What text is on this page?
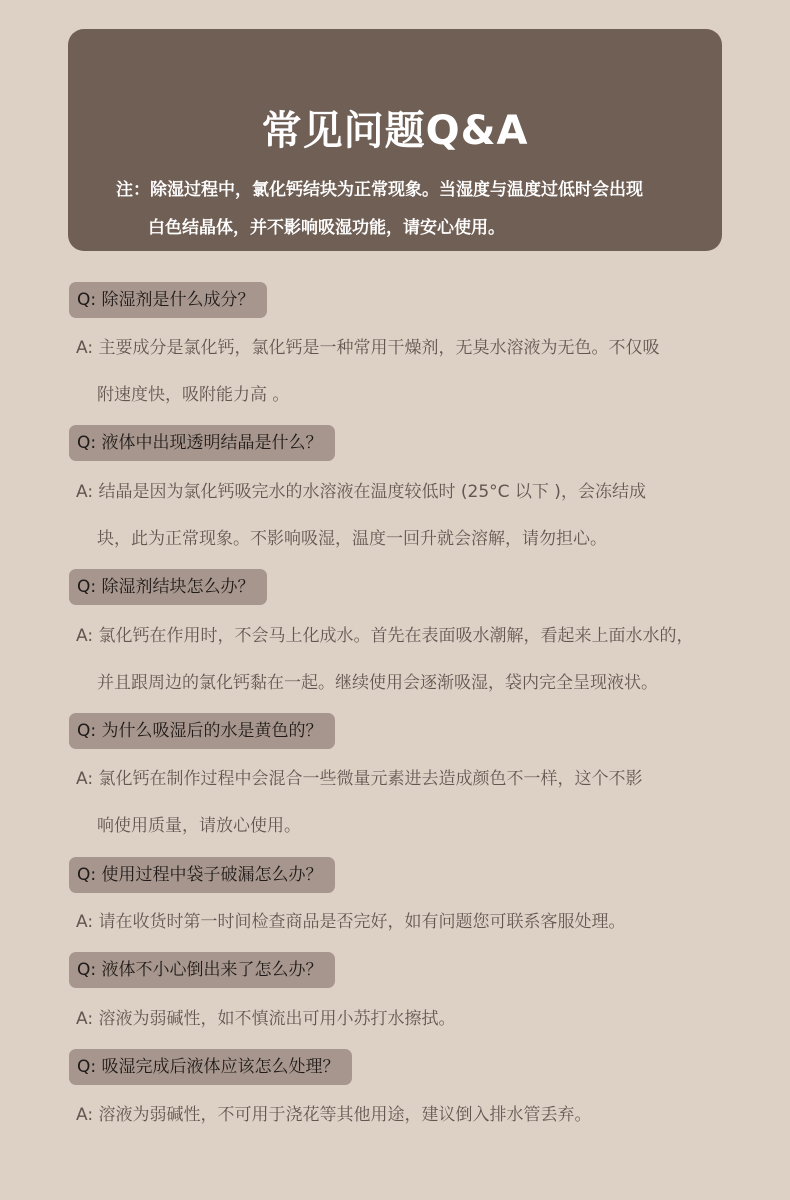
常见问题Q&A
注：除湿过程中，氯化钙结块为正常现象。当湿度与温度过低时会出现
白色结晶体，并不影响吸湿功能，请安心使用。
Q: 除湿剂是什么成分？
A: 主要成分是氯化钙，氯化钙是一种常用干燥剂，无臭水溶液为无色。不仅吸
附速度快，吸附能力高 。
Q: 液体中出现透明结晶是什么？
A: 结晶是因为氯化钙吸完水的水溶液在温度较低时 (25°C 以下 )，会冻结成
块，此为正常现象。不影响吸湿，温度一回升就会溶解，请勿担心。
Q: 除湿剂结块怎么办？
A: 氯化钙在作用时，不会马上化成水。首先在表面吸水潮解，看起来上面水水的，
并且跟周边的氯化钙黏在一起。继续使用会逐渐吸湿，袋内完全呈现液状。
Q: 为什么吸湿后的水是黄色的？
A: 氯化钙在制作过程中会混合一些微量元素进去造成颜色不一样，这个不影
响使用质量，请放心使用。
Q: 使用过程中袋子破漏怎么办？
A: 请在收货时第一时间检查商品是否完好，如有问题您可联系客服处理。
Q: 液体不小心倒出来了怎么办？
A: 溶液为弱碱性，如不慎流出可用小苏打水擦拭。
Q: 吸湿完成后液体应该怎么处理？
A: 溶液为弱碱性，不可用于浇花等其他用途，建议倒入排水管丢弃。
